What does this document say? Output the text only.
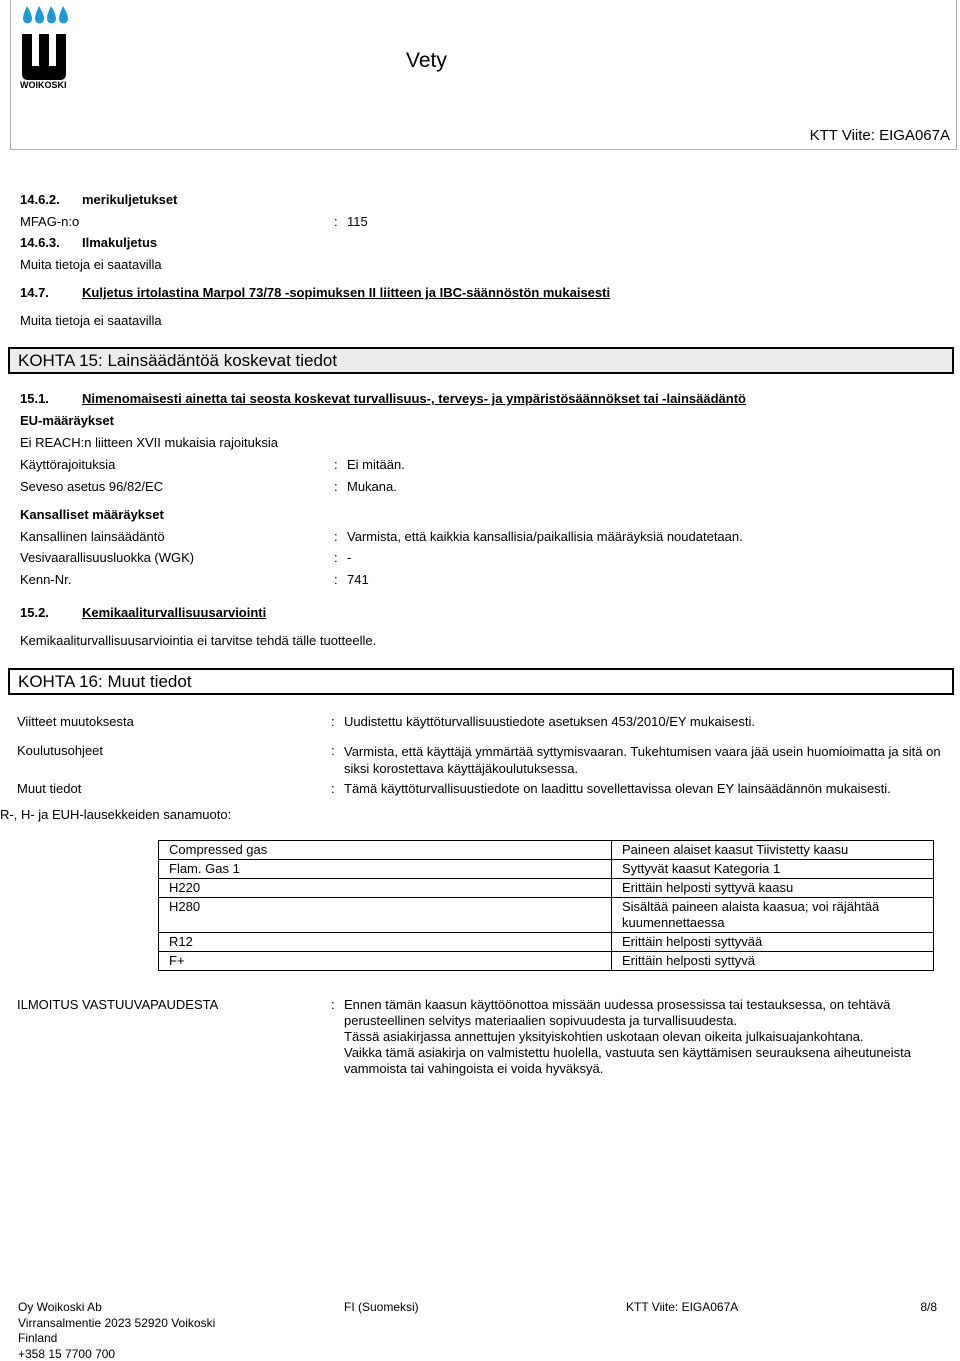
WOIKOSKI
Vety
KTT Viite: EIGA067A
14.6.2. merikuljetukset
MFAG-n:o	: 115
14.6.3. Ilmakuljetus
Muita tietoja ei saatavilla
14.7.	Kuljetus irtolastina Marpol 73/78 -sopimuksen II liitteen ja IBC-säännöstön mukaisesti
Muita tietoja ei saatavilla
KOHTA 15: Lainsäädäntöä koskevat tiedot
15.1.	Nimenomaisesti ainetta tai seosta koskevat turvallisuus-, terveys- ja ympäristösäännökset tai -lainsäädäntö
EU-määräykset
Ei REACH:n liitteen XVII mukaisia rajoituksia
Käyttörajoituksia	: Ei mitään.
Seveso asetus 96/82/EC	: Mukana.
Kansalliset määräykset
Kansallinen lainsäädäntö	: Varmista, että kaikkia kansallisia/paikallisia määräyksiä noudatetaan.
Vesivaarallisuusluokka (WGK)	: -
Kenn-Nr.	: 741
15.2.	Kemikaaliturvallisuusarviointi
Kemikaaliturvallisuusarviointia ei tarvitse tehdä tälle tuotteelle.
KOHTA 16: Muut tiedot
Viitteet muutoksesta	: Uudistettu käyttöturvallisuustiedote asetuksen 453/2010/EY mukaisesti.
Koulutusohjeet	: Varmista, että käyttäjä ymmärtää syttymisvaaran. Tukehtumisen vaara jää usein huomioimatta ja sitä on siksi korostettava käyttäjäkoulutuksessa.
Muut tiedot	: Tämä käyttöturvallisuustiedote on laadittu sovellettavissa olevan EY lainsäädännön mukaisesti.
R-, H- ja EUH-lausekkeiden sanamuoto:
Compressed gas	Paineen alaiset kaasut Tiivistetty kaasu
Flam. Gas 1	Syttyvät kaasut Kategoria 1
H220	Erittäin helposti syttyvä kaasu
H280	Sisältää paineen alaista kaasua; voi räjähtää kuumennettaessa
R12	Erittäin helposti syttyvää
F+	Erittäin helposti syttyvä
ILMOITUS VASTUUVAPAUDESTA	: Ennen tämän kaasun käyttöönottoa missään uudessa prosessissa tai testauksessa, on tehtävä perusteellinen selvitys materiaalien sopivuudesta ja turvallisuudesta.
Tässä asiakirjassa annettujen yksityiskohtien uskotaan olevan oikeita julkaisuajankohtana.
Vaikka tämä asiakirja on valmistettu huolella, vastuuta sen käyttämisen seurauksena aiheutuneista vammoista tai vahingoista ei voida hyväksyä.
Oy Woikoski Ab
Virransalmentie 2023 52920 Voikoski
Finland
+358 15 7700 700
FI (Suomeksi)	KTT Viite: EIGA067A	8/8
